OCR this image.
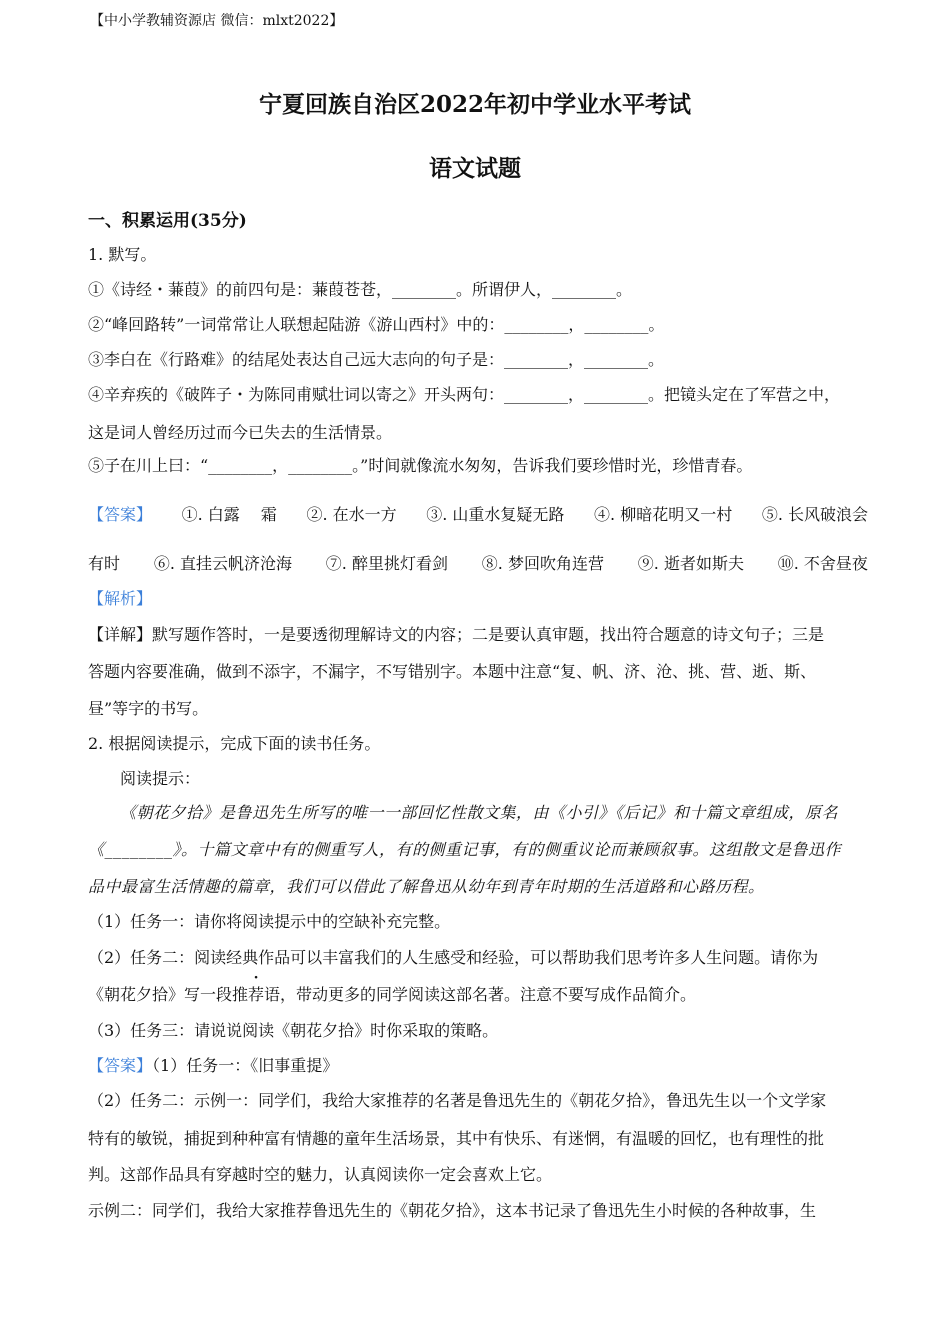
【中小学教辅资源店 微信：mlxt2022】
宁夏回族自治区2022年初中学业水平考试
语文试题
一、积累运用(35分)
1. 默写。
①《诗经・蒹葭》的前四句是：蒹葭苍苍，________。所谓伊人，________。
②“峰回路转”一词常常让人联想起陆游《游山西村》中的：________，________。
③李白在《行路难》的结尾处表达自己远大志向的句子是：________，________。
④辛弃疾的《破阵子・为陈同甫赋壮词以寄之》开头两句：________，________。把镜头定在了军营之中，
这是词人曾经历过而今已失去的生活情景。
⑤子在川上曰：“________，________。”时间就像流水匆匆，告诉我们要珍惜时光，珍惜青春。
【答案】 ①. 白露　 霜 ②. 在水一方 ③. 山重水复疑无路 ④. 柳暗花明又一村 ⑤. 长风破浪会
有时 ⑥. 直挂云帆济沧海 ⑦. 醉里挑灯看剑 ⑧. 梦回吹角连营 ⑨. 逝者如斯夫 ⑩. 不舍昼夜
【解析】
【详解】默写题作答时，一是要透彻理解诗文的内容；二是要认真审题，找出符合题意的诗文句子；三是
答题内容要准确，做到不添字，不漏字，不写错别字。本题中注意“复、帆、济、沧、挑、营、逝、斯、
昼”等字的书写。
2. 根据阅读提示，完成下面的读书任务。
阅读提示：
《朝花夕拾》是鲁迅先生所写的唯一一部回忆性散文集，由《小引》《后记》和十篇文章组成，原名
《________》。十篇文章中有的侧重写人，有的侧重记事，有的侧重议论而兼顾叙事。这组散文是鲁迅作
品中最富生活情趣的篇章，我们可以借此了解鲁迅从幼年到青年时期的生活道路和心路历程。
（1）任务一：请你将阅读提示中的空缺补充完整。
（2）任务二：阅读经典作品可以丰富我们的人生感受和经验，可以帮助我们思考许多人生问题。请你为
《朝花夕拾》写一段推荐语，带动更多的同学阅读这部名著。注意不要写成作品简介。
（3）任务三：请说说阅读《朝花夕拾》时你采取的策略。
【答案】（1）任务一：《旧事重提》
（2）任务二：示例一：同学们，我给大家推荐的名著是鲁迅先生的《朝花夕拾》，鲁迅先生以一个文学家
特有的敏锐，捕捉到种种富有情趣的童年生活场景，其中有快乐、有迷惘，有温暖的回忆，也有理性的批
判。这部作品具有穿越时空的魅力，认真阅读你一定会喜欢上它。
示例二：同学们，我给大家推荐鲁迅先生的《朝花夕拾》，这本书记录了鲁迅先生小时候的各种故事，生
